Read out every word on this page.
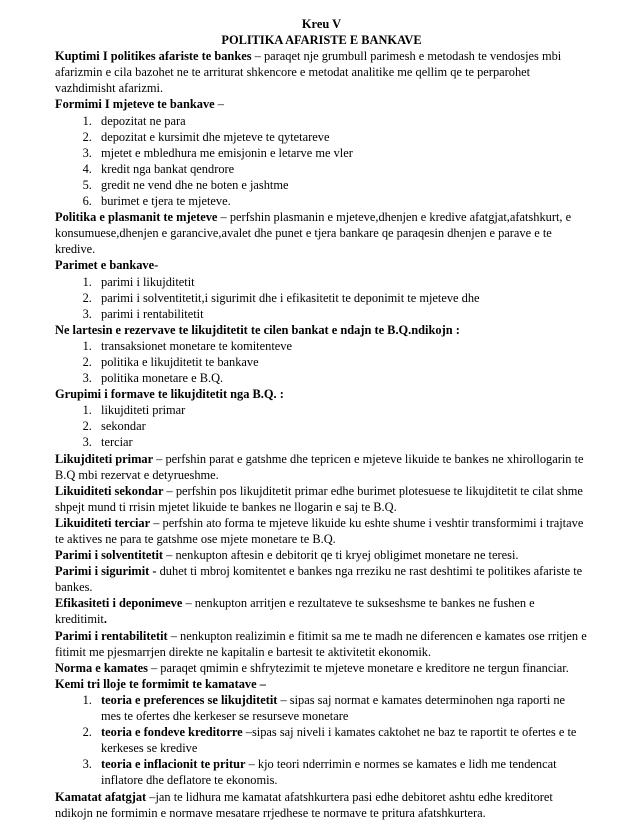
Kreu V
POLITIKA AFARISTE E BANKAVE

Kuptimi I politikes afariste te bankes – paraqet nje grumbull parimesh e metodash te vendosjes mbi afarizmin e cila bazohet ne te arriturat shkencore e metodat analitike me qellim qe te perparohet vazhdimisht afarizmi.

Formimi I mjeteve te bankave –

1. depozitat ne para
2. depozitat e kursimit dhe mjeteve te qytetareve
3. mjetet e mbledhura me emisjonin e letarve me vler
4. kredit nga bankat qendrore
5. gredit ne vend dhe ne boten e jashtme
6. burimet e tjera te mjeteve.

Politika e plasmanit te mjeteve – perfshin plasmanin e mjeteve,dhenjen e kredive afatgjat,afatshkurt, e konsumuese,dhenjen e garancive,avalet dhe punet e tjera bankare qe paraqesin dhenjen e parave e te kredive.

Parimet e bankave-

1. parimi i likujditetit
2. parimi i solventitetit,i sigurimit dhe i efikasitetit te deponimit te mjeteve dhe
3. parimi i rentabilitetit

Ne lartesin e rezervave te likujditetit te cilen bankat e ndajn te B.Q.ndikojn :

1. transaksionet monetare te komitenteve
2. politika e likujditetit te bankave
3. politika monetare e B.Q.

Grupimi i formave te likujditetit nga B.Q. :

1. likujditeti primar
2. sekondar
3. terciar

Likujditeti primar – perfshin parat e gatshme dhe tepricen e mjeteve likuide te bankes ne xhirollogarin te B.Q mbi rezervat e detyrueshme.

Likuiditeti sekondar – perfshin pos likujditetit primar edhe burimet plotesuese te likujditetit te cilat shme shpejt mund ti rrisin mjetet likuide te bankes ne llogarin e saj te B.Q.

Likuiditeti terciar – perfshin ato forma te mjeteve likuide ku eshte shume i veshtir transformimi i trajtave te aktives ne para te gatshme ose mjete monetare te B.Q.

Parimi i solventitetit – nenkupton aftesin e debitorit qe ti kryej obligimet monetare ne teresi.

Parimi i sigurimit - duhet ti mbroj komitentet e bankes nga rreziku ne rast deshtimi te politikes afariste te bankes.

Efikasiteti i deponimeve – nenkupton arritjen e rezultateve te sukseshsme te bankes ne fushen e kreditimit.

Parimi i rentabilitetit – nenkupton realizimin e fitimit sa me te madh ne diferencen e kamates ose rritjen e fitimit me pjesmarrjen direkte ne kapitalin e bartesit te aktivitetit ekonomik.

Norma e kamates – paraqet qmimin e shfrytezimit te mjeteve monetare e kreditore ne tergun financiar.

Kemi tri lloje te formimit te kamatave –

1. teoria e preferences se likujditetit – sipas saj normat e kamates determinohen nga raporti ne mes te ofertes dhe kerkeser se resurseve monetare
2. teoria e fondeve kreditorre –sipas saj niveli i kamates caktohet ne baz te raportit te ofertes e te kerkeses se kredive
3. teoria e inflacionit te pritur – kjo teori nderrimin e normes se kamates e lidh me tendencat inflatore dhe deflatore te ekonomis.

Kamatat afatgjat –jan te lidhura me kamatat afatshkurtera pasi edhe debitoret ashtu edhe kreditoret ndikojn ne formimin e normave mesatare rrjedhese te normave te pritura afatshkurtera.
